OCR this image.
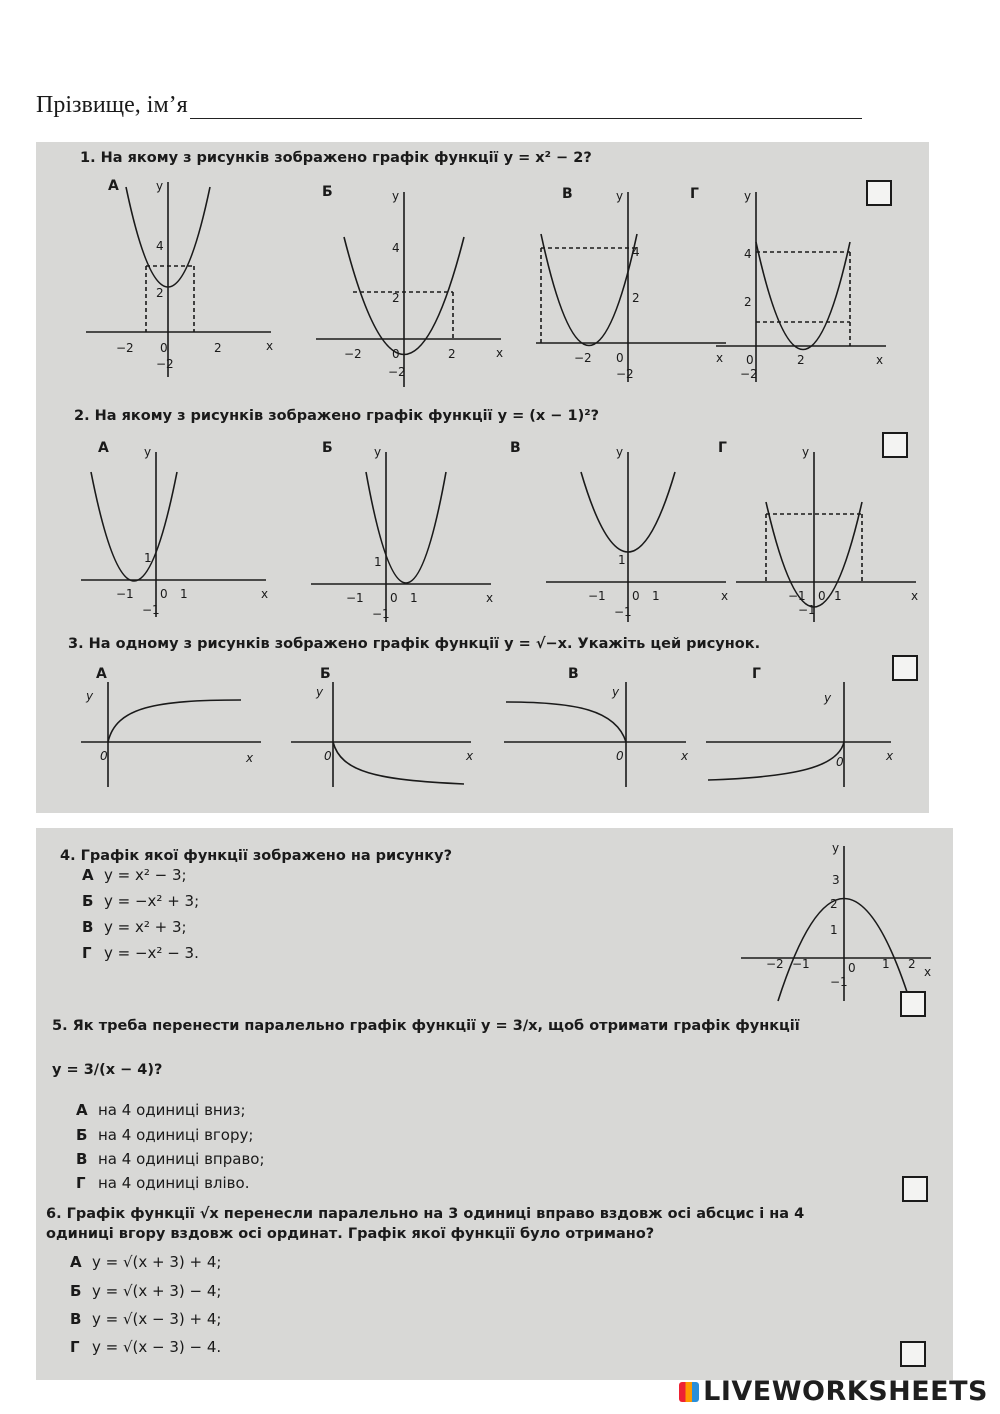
Прізвище, ім’я
1. На якому з рисунків зображено графік функції y = x² − 2?
y
x
4
2
−2 0	2
−2
y
x
4
2
−2	0	2
−2
y
x
4
2
−2 0
−2
y
x
4
2
0	2
−2
А	Б	В	Г
2. На якому з рисунків зображено графік функції y = (x − 1)²?
y
x
1
−1 0 1
−1
y
x
1
−1 0 1
−1
y
x
1
−1 0 1
−1
y
x
−1 0 1
−1
А	Б	В	Г
3. На одному з рисунків зображено графік функції y = √−x. Укажіть цей рисунок.
y
x
0
y
x
0
y
x
0
y
x
0
А	Б	В	Г
4. Графік якої функції зображено на рисунку?
А y = x² − 3;
Б y = −x² + 3;
В y = x² + 3;
Г y = −x² − 3.
y
x
3
2
1
−2 −1	0 1 2
−1
5. Як треба перенести паралельно графік функції y = 3/x, щоб отримати графік функції
y = 3/(x − 4)?
А на 4 одиниці вниз;
Б на 4 одиниці вгору;
В на 4 одиниці вправо;
Г на 4 одиниці вліво.
6. Графік функції √x перенесли паралельно на 3 одиниці вправо вздовж осі абсцис і на 4
одиниці вгору вздовж осі ординат. Графік якої функції було отримано?
А y = √(x + 3) + 4;
Б y = √(x + 3) − 4;
В y = √(x − 3) + 4;
Г y = √(x − 3) − 4.
LIVEWORKSHEETS
